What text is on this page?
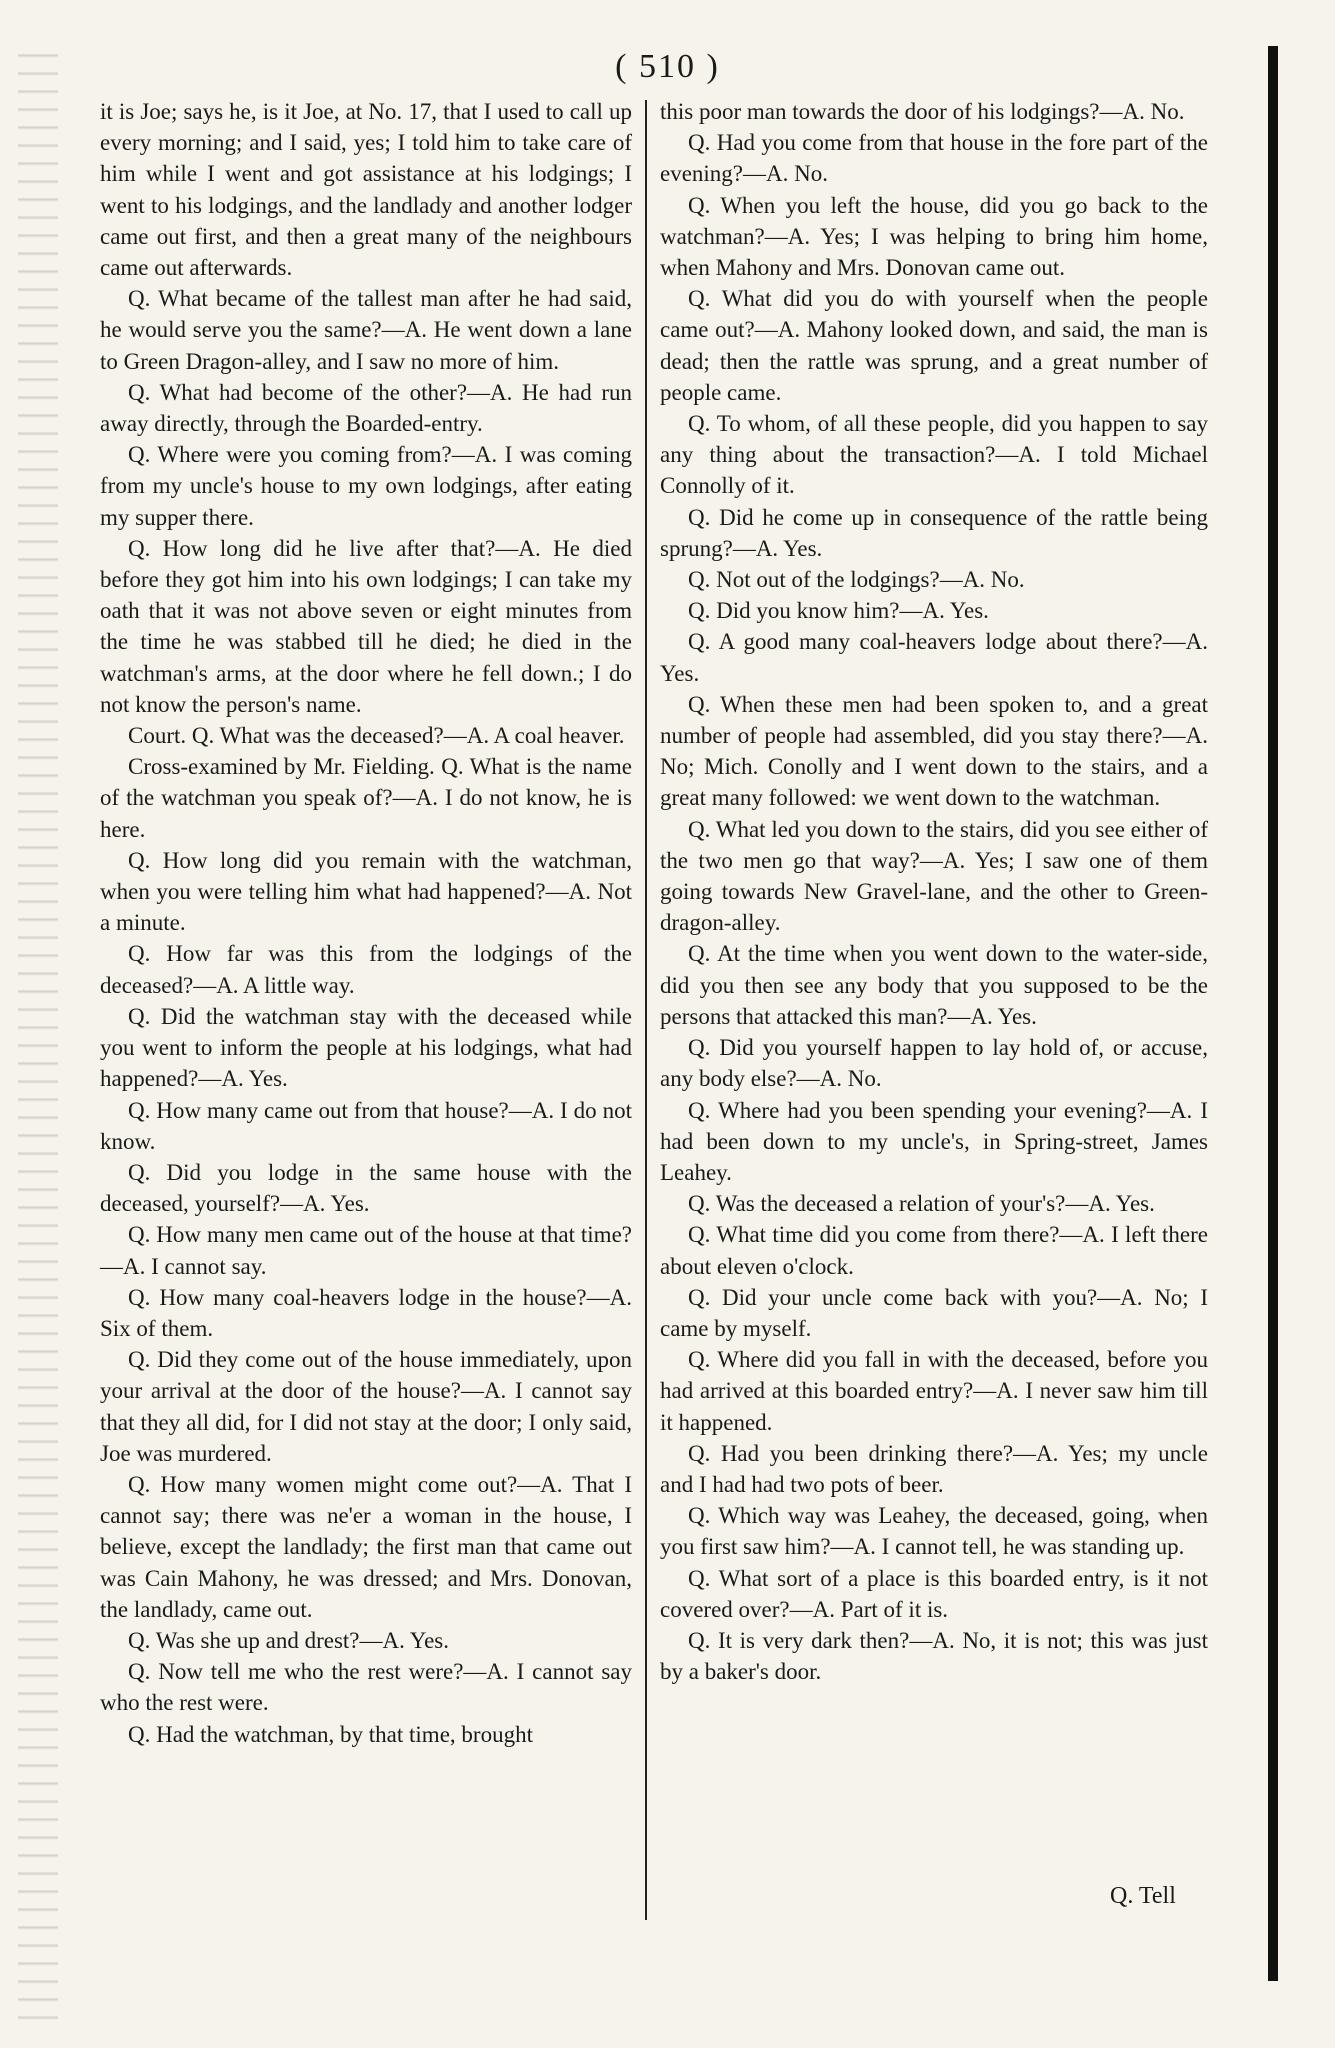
( 510 )

it is Joe; says he, is it Joe, at No. 17, that I used to call up every morning; and I said, yes; I told him to take care of him while I went and got assistance at his lodgings; I went to his lodgings, and the landlady and another lodger came out first, and then a great many of the neighbours came out afterwards.

Q. What became of the tallest man after he had said, he would serve you the same?—A. He went down a lane to Green Dragon-alley, and I saw no more of him.

Q. What had become of the other?—A. He had run away directly, through the Boarded-entry.

Q. Where were you coming from?—A. I was coming from my uncle's house to my own lodgings, after eating my supper there.

Q. How long did he live after that?—A. He died before they got him into his own lodgings; I can take my oath that it was not above seven or eight minutes from the time he was stabbed till he died; he died in the watchman's arms, at the door where he fell down.; I do not know the person's name.

Court. Q. What was the deceased?—A. A coal heaver.

Cross-examined by Mr. Fielding. Q. What is the name of the watchman you speak of?—A. I do not know, he is here.

Q. How long did you remain with the watchman, when you were telling him what had happened?—A. Not a minute.

Q. How far was this from the lodgings of the deceased?—A. A little way.

Q. Did the watchman stay with the deceased while you went to inform the people at his lodgings, what had happened?—A. Yes.

Q. How many came out from that house?—A. I do not know.

Q. Did you lodge in the same house with the deceased, yourself?—A. Yes.

Q. How many men came out of the house at that time?—A. I cannot say.

Q. How many coal-heavers lodge in the house?—A. Six of them.

Q. Did they come out of the house immediately, upon your arrival at the door of the house?—A. I cannot say that they all did, for I did not stay at the door; I only said, Joe was murdered.

Q. How many women might come out?—A. That I cannot say; there was ne'er a woman in the house, I believe, except the landlady; the first man that came out was Cain Mahony, he was dressed; and Mrs. Donovan, the landlady, came out.

Q. Was she up and drest?—A. Yes.

Q. Now tell me who the rest were?—A. I cannot say who the rest were.

Q. Had the watchman, by that time, brought

this poor man towards the door of his lodgings?—A. No.

Q. Had you come from that house in the fore part of the evening?—A. No.

Q. When you left the house, did you go back to the watchman?—A. Yes; I was helping to bring him home, when Mahony and Mrs. Donovan came out.

Q. What did you do with yourself when the people came out?—A. Mahony looked down, and said, the man is dead; then the rattle was sprung, and a great number of people came.

Q. To whom, of all these people, did you happen to say any thing about the transaction?—A. I told Michael Connolly of it.

Q. Did he come up in consequence of the rattle being sprung?—A. Yes.

Q. Not out of the lodgings?—A. No.

Q. Did you know him?—A. Yes.

Q. A good many coal-heavers lodge about there?—A. Yes.

Q. When these men had been spoken to, and a great number of people had assembled, did you stay there?—A. No; Mich. Conolly and I went down to the stairs, and a great many followed: we went down to the watchman.

Q. What led you down to the stairs, did you see either of the two men go that way?—A. Yes; I saw one of them going towards New Gravel-lane, and the other to Green-dragon-alley.

Q. At the time when you went down to the water-side, did you then see any body that you supposed to be the persons that attacked this man?—A. Yes.

Q. Did you yourself happen to lay hold of, or accuse, any body else?—A. No.

Q. Where had you been spending your evening?—A. I had been down to my uncle's, in Spring-street, James Leahey.

Q. Was the deceased a relation of your's?—A. Yes.

Q. What time did you come from there?—A. I left there about eleven o'clock.

Q. Did your uncle come back with you?—A. No; I came by myself.

Q. Where did you fall in with the deceased, before you had arrived at this boarded entry?—A. I never saw him till it happened.

Q. Had you been drinking there?—A. Yes; my uncle and I had had two pots of beer.

Q. Which way was Leahey, the deceased, going, when you first saw him?—A. I cannot tell, he was standing up.

Q. What sort of a place is this boarded entry, is it not covered over?—A. Part of it is.

Q. It is very dark then?—A. No, it is not; this was just by a baker's door.

Q. Tell
